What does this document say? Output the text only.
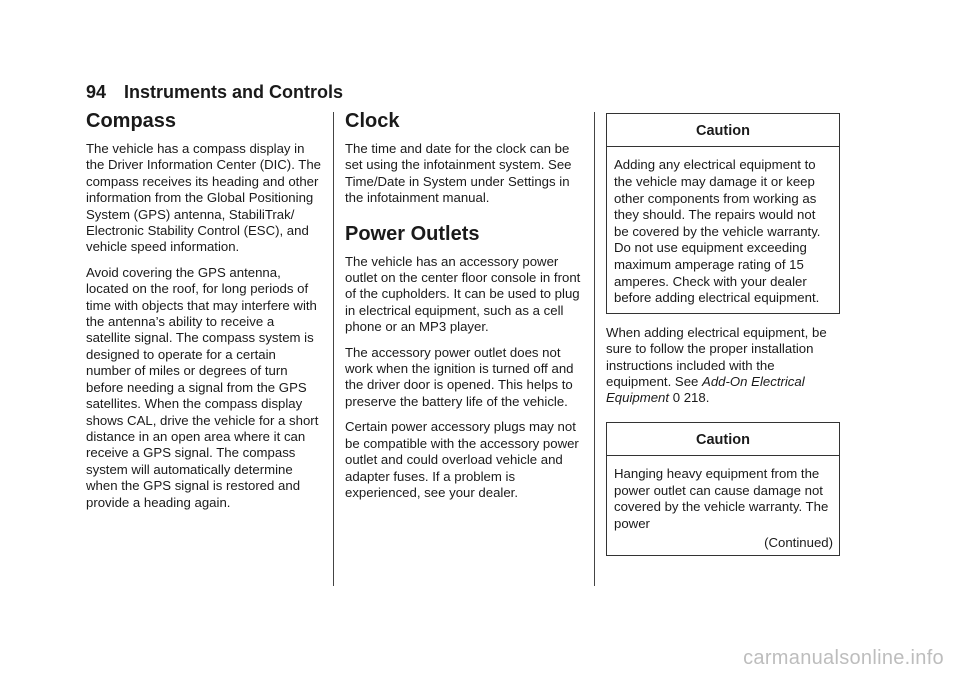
94 Instruments and Controls
Compass

The vehicle has a compass display in the Driver Information Center (DIC). The compass receives its heading and other information from the Global Positioning System (GPS) antenna, StabiliTrak/ Electronic Stability Control (ESC), and vehicle speed information.

Avoid covering the GPS antenna, located on the roof, for long periods of time with objects that may interfere with the antenna’s ability to receive a satellite signal. The compass system is designed to operate for a certain number of miles or degrees of turn before needing a signal from the GPS satellites. When the compass display shows CAL, drive the vehicle for a short distance in an open area where it can receive a GPS signal. The compass system will automatically determine when the GPS signal is restored and provide a heading again.

Clock

The time and date for the clock can be set using the infotainment system. See Time/Date in System under Settings in the infotainment manual.

Power Outlets

The vehicle has an accessory power outlet on the center floor console in front of the cupholders. It can be used to plug in electrical equipment, such as a cell phone or an MP3 player.

The accessory power outlet does not work when the ignition is turned off and the driver door is opened. This helps to preserve the battery life of the vehicle.

Certain power accessory plugs may not be compatible with the accessory power outlet and could overload vehicle and adapter fuses. If a problem is experienced, see your dealer.

Caution
Adding any electrical equipment to the vehicle may damage it or keep other components from working as they should. The repairs would not be covered by the vehicle warranty. Do not use equipment exceeding maximum amperage rating of 15 amperes. Check with your dealer before adding electrical equipment.

When adding electrical equipment, be sure to follow the proper installation instructions included with the equipment. See Add-On Electrical Equipment 0 218.

Caution
Hanging heavy equipment from the power outlet can cause damage not covered by the vehicle warranty. The power
(Continued)
carmanualsonline.info
